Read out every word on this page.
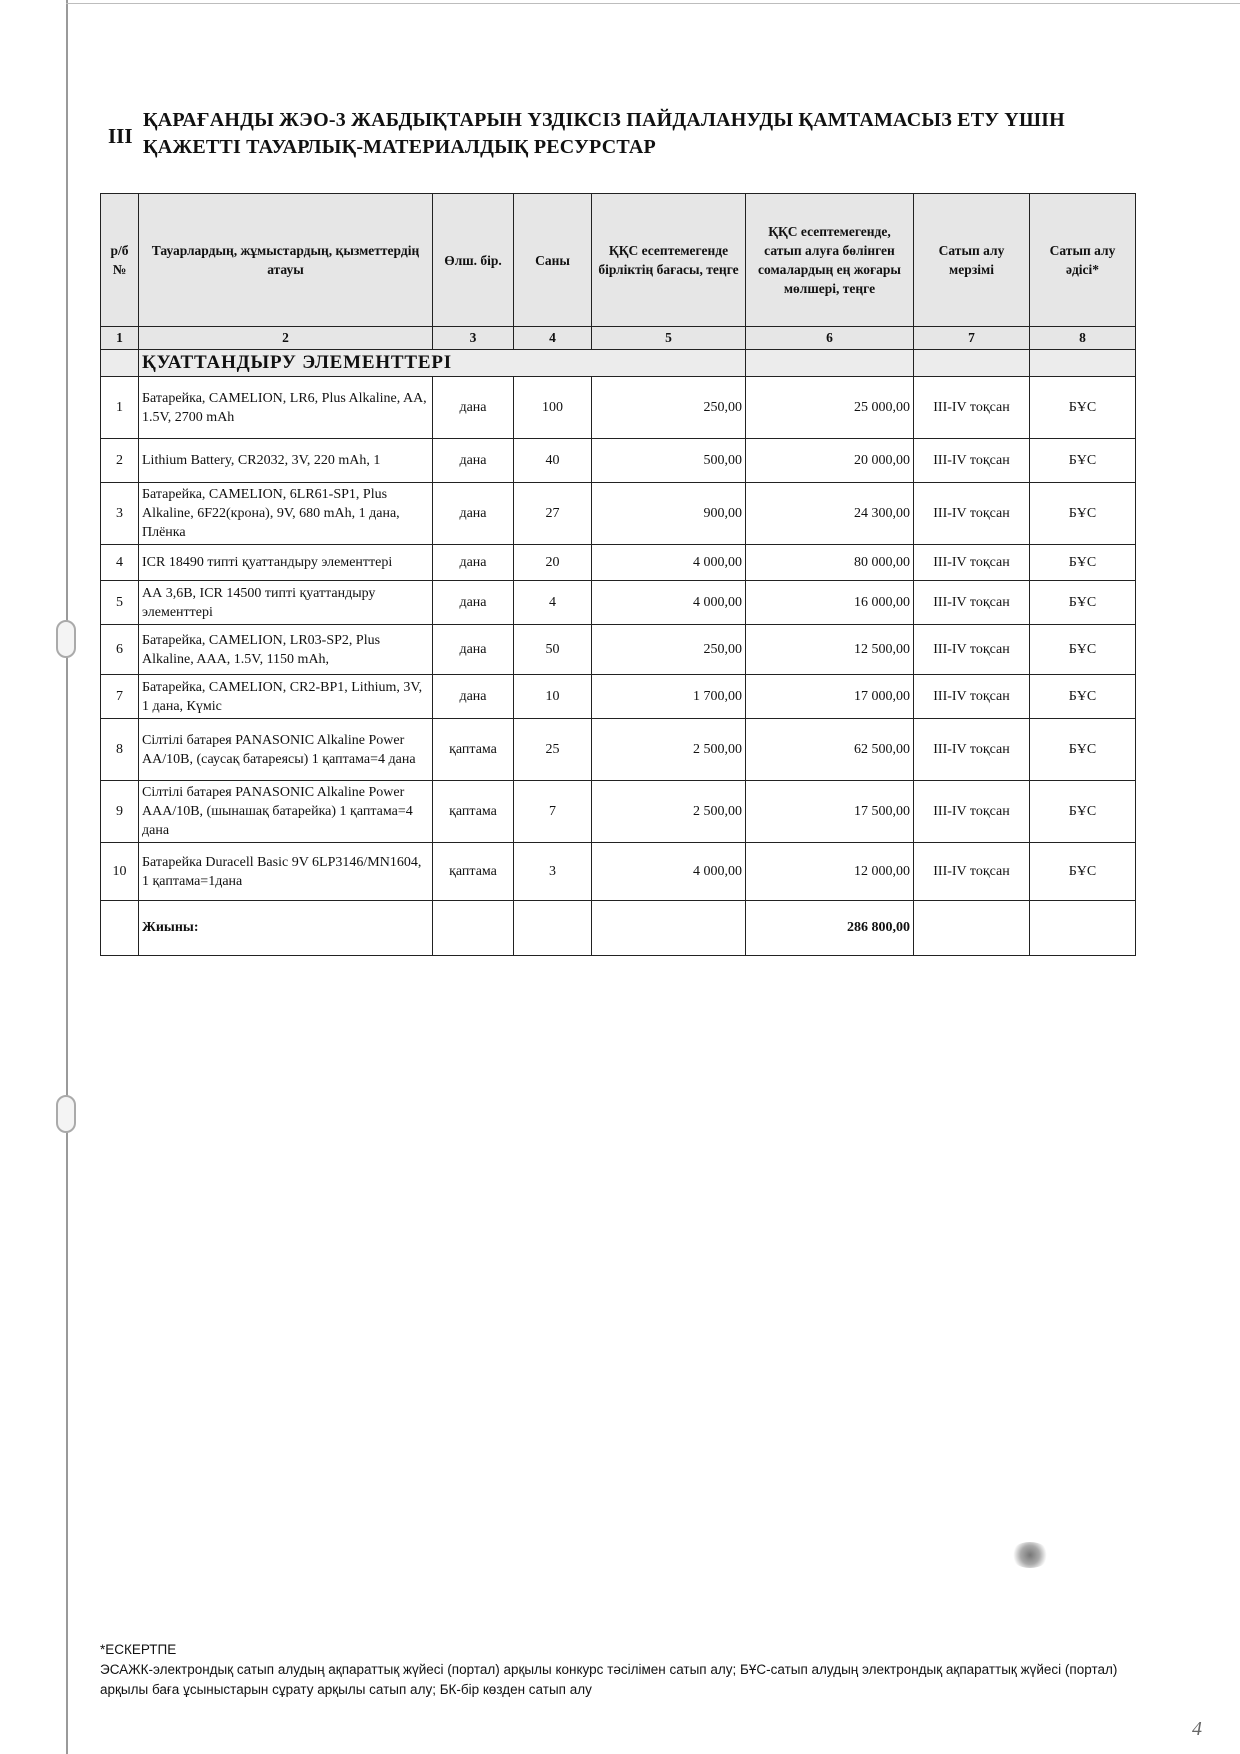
III
ҚАРАҒАНДЫ ЖЭО-3 ЖАБДЫҚТАРЫН ҮЗДІКСІЗ ПАЙДАЛАНУДЫ ҚАМТАМАСЫЗ ЕТУ ҮШІН
ҚАЖЕТТІ ТАУАРЛЫҚ-МАТЕРИАЛДЫҚ РЕСУРСТАР
р/б №	Тауарлардың, жұмыстардың, қызметтердің атауы	Өлш. бір.	Саны	ҚҚС есептемегенде бірліктің бағасы, теңге	ҚҚС есептемегенде, сатып алуға бөлінген сомалардың ең жоғары мөлшері, теңге	Сатып алу мерзімі	Сатып алу әдісі*
1	2	3	4	5	6	7	8
	ҚУАТТАНДЫРУ ЭЛЕМЕНТТЕРІ						
1	Батарейка, CAMELION, LR6, Plus Alkaline, AA, 1.5V, 2700 mAh	дана	100	250,00	25 000,00	III-IV тоқсан	БҰС
2	Lithium Battery, CR2032, 3V, 220 mAh, 1	дана	40	500,00	20 000,00	III-IV тоқсан	БҰС
3	Батарейка, CAMELION, 6LR61-SP1, Plus Alkaline, 6F22(крона), 9V, 680 mAh, 1 дана, Плёнка	дана	27	900,00	24 300,00	III-IV тоқсан	БҰС
4	ICR 18490 типті қуаттандыру элементтері	дана	20	4 000,00	80 000,00	III-IV тоқсан	БҰС
5	АА 3,6В, ICR 14500 типті қуаттандыру элементтері	дана	4	4 000,00	16 000,00	III-IV тоқсан	БҰС
6	Батарейка, CAMELION, LR03-SP2, Plus Alkaline, AAA, 1.5V, 1150 mAh,	дана	50	250,00	12 500,00	III-IV тоқсан	БҰС
7	Батарейка, CAMELION, CR2-BP1, Lithium, 3V, 1 дана, Күміс	дана	10	1 700,00	17 000,00	III-IV тоқсан	БҰС
8	Сілтілі батарея PANASONIC Alkaline Power AA/10B, (саусақ батареясы) 1 қаптама=4 дана	қаптама	25	2 500,00	62 500,00	III-IV тоқсан	БҰС
9	Сілтілі батарея PANASONIC Alkaline Power AAA/10B, (шынашақ батарейка) 1 қаптама=4 дана	қаптама	7	2 500,00	17 500,00	III-IV тоқсан	БҰС
10	Батарейка Duracell Basic 9V 6LP3146/MN1604, 1 қаптама=1дана	қаптама	3	4 000,00	12 000,00	III-IV тоқсан	БҰС
	Жиыны:				286 800,00		
*ЕСКЕРТПЕ
ЭСАЖК-электрондық сатып алудың ақпараттық жүйесі (портал) арқылы конкурс тәсілімен сатып алу; БҰС-сатып алудың электрондық ақпараттық жүйесі (портал) арқылы баға ұсыныстарын сұрату арқылы сатып алу; БК-бір көзден сатып алу
4
